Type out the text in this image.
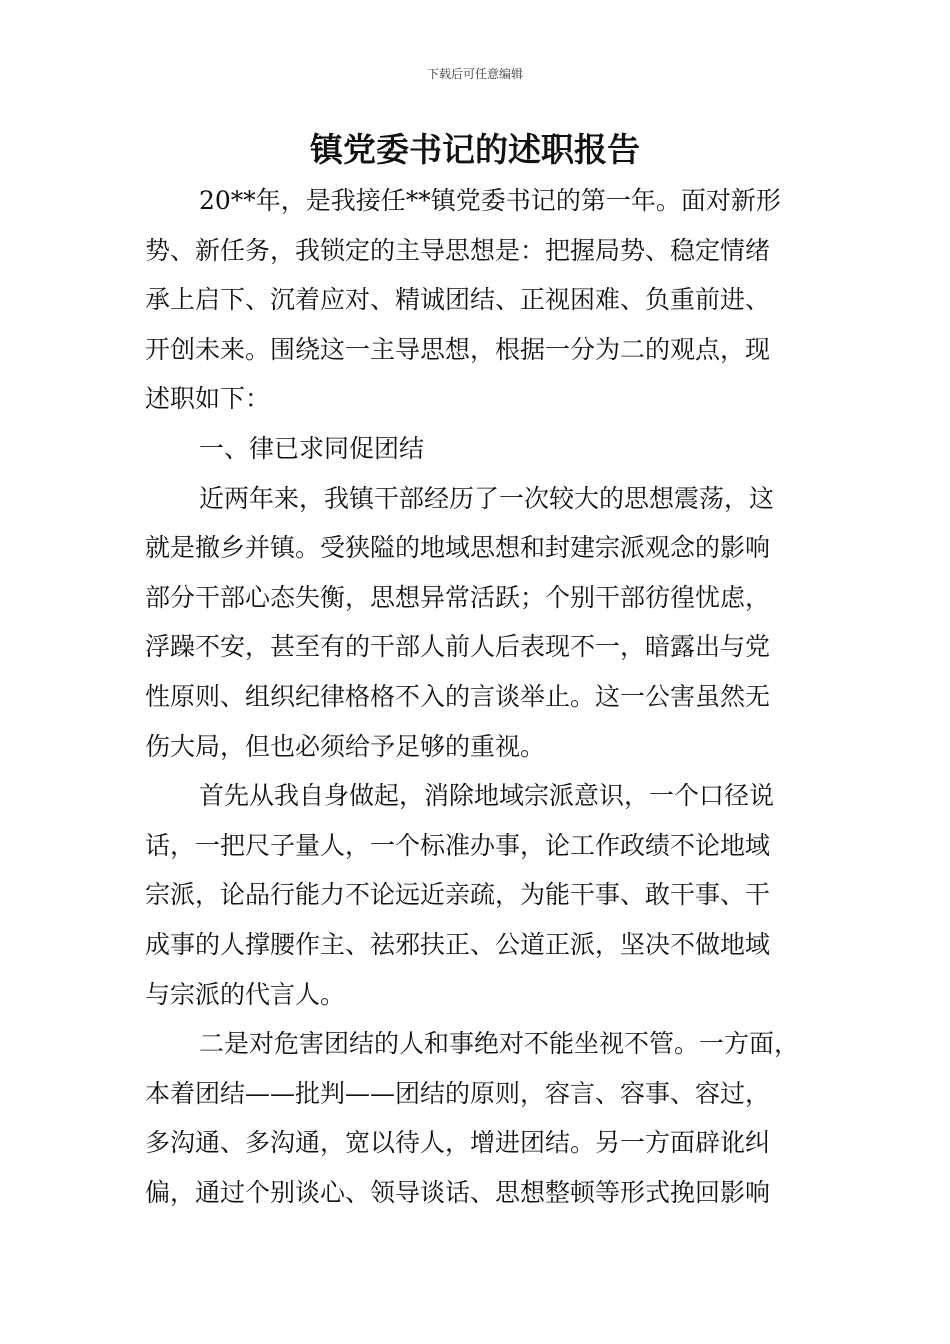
下载后可任意编辑
镇党委书记的述职报告
20**年，是我接任**镇党委书记的第一年。面对新形
势、新任务，我锁定的主导思想是：把握局势、稳定情绪
承上启下、沉着应对、精诚团结、正视困难、负重前进、
开创未来。围绕这一主导思想，根据一分为二的观点，现
述职如下：
一、律已求同促团结
近两年来，我镇干部经历了一次较大的思想震荡，这
就是撤乡并镇。受狭隘的地域思想和封建宗派观念的影响
部分干部心态失衡，思想异常活跃；个别干部彷徨忧虑，
浮躁不安，甚至有的干部人前人后表现不一，暗露出与党
性原则、组织纪律格格不入的言谈举止。这一公害虽然无
伤大局，但也必须给予足够的重视。
首先从我自身做起，消除地域宗派意识，一个口径说
话，一把尺子量人，一个标准办事，论工作政绩不论地域
宗派，论品行能力不论远近亲疏，为能干事、敢干事、干
成事的人撑腰作主、祛邪扶正、公道正派，坚决不做地域
与宗派的代言人。
二是对危害团结的人和事绝对不能坐视不管。一方面，
本着团结——批判——团结的原则，容言、容事、容过，
多沟通、多沟通，宽以待人，增进团结。另一方面辟讹纠
偏，通过个别谈心、领导谈话、思想整顿等形式挽回影响
